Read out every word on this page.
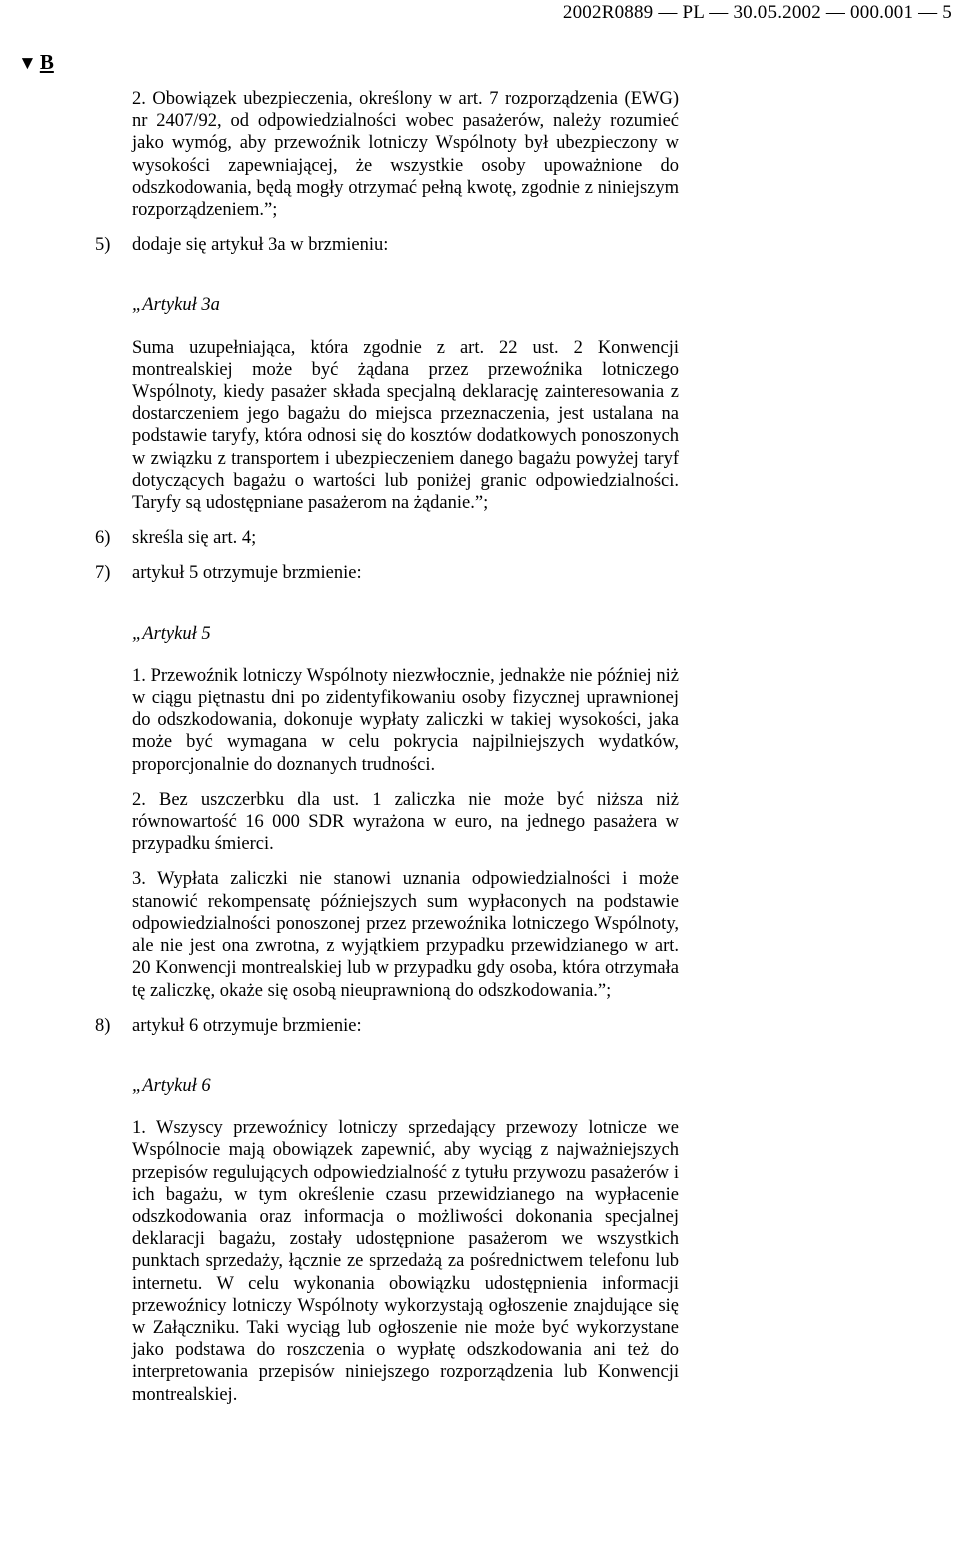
2002R0889 — PL — 30.05.2002 — 000.001 — 5
▼ B
2. Obowiązek ubezpieczenia, określony w art. 7 rozporządzenia (EWG) nr 2407/92, od odpowiedzialności wobec pasażerów, należy rozumieć jako wymóg, aby przewoźnik lotniczy Wspólnoty był ubezpieczony w wysokości zapewniającej, że wszystkie osoby upoważnione do odszkodowania, będą mogły otrzymać pełną kwotę, zgodnie z niniejszym rozporządzeniem.”;
5) dodaje się artykuł 3a w brzmieniu:
„Artykuł 3a
Suma uzupełniająca, która zgodnie z art. 22 ust. 2 Konwencji montrealskiej może być żądana przez przewoźnika lotniczego Wspólnoty, kiedy pasażer składa specjalną deklarację zainteresowania z dostarczeniem jego bagażu do miejsca przeznaczenia, jest ustalana na podstawie taryfy, która odnosi się do kosztów dodatkowych ponoszonych w związku z transportem i ubezpieczeniem danego bagażu powyżej taryf dotyczących bagażu o wartości lub poniżej granic odpowiedzialności. Taryfy są udostępniane pasażerom na żądanie.”;
6) skreśla się art. 4;
7) artykuł 5 otrzymuje brzmienie:
„Artykuł 5
1. Przewoźnik lotniczy Wspólnoty niezwłocznie, jednakże nie później niż w ciągu piętnastu dni po zidentyfikowaniu osoby fizycznej uprawnionej do odszkodowania, dokonuje wypłaty zaliczki w takiej wysokości, jaka może być wymagana w celu pokrycia najpilniejszych wydatków, proporcjonalnie do doznanych trudności.
2. Bez uszczerbku dla ust. 1 zaliczka nie może być niższa niż równowartość 16 000 SDR wyrażona w euro, na jednego pasażera w przypadku śmierci.
3. Wypłata zaliczki nie stanowi uznania odpowiedzialności i może stanowić rekompensatę późniejszych sum wypłaconych na podstawie odpowiedzialności ponoszonej przez przewoźnika lotniczego Wspólnoty, ale nie jest ona zwrotna, z wyjątkiem przypadku przewidzianego w art. 20 Konwencji montrealskiej lub w przypadku gdy osoba, która otrzymała tę zaliczkę, okaże się osobą nieuprawnioną do odszkodowania.”;
8) artykuł 6 otrzymuje brzmienie:
„Artykuł 6
1. Wszyscy przewoźnicy lotniczy sprzedający przewozy lotnicze we Wspólnocie mają obowiązek zapewnić, aby wyciąg z najważniejszych przepisów regulujących odpowiedzialność z tytułu przywozu pasażerów i ich bagażu, w tym określenie czasu przewidzianego na wypłacenie odszkodowania oraz informacja o możliwości dokonania specjalnej deklaracji bagażu, zostały udostępnione pasażerom we wszystkich punktach sprzedaży, łącznie ze sprzedażą za pośrednictwem telefonu lub internetu. W celu wykonania obowiązku udostępnienia informacji przewoźnicy lotniczy Wspólnoty wykorzystają ogłoszenie znajdujące się w Załączniku. Taki wyciąg lub ogłoszenie nie może być wykorzystane jako podstawa do roszczenia o wypłatę odszkodowania ani też do interpretowania przepisów niniejszego rozporządzenia lub Konwencji montrealskiej.
